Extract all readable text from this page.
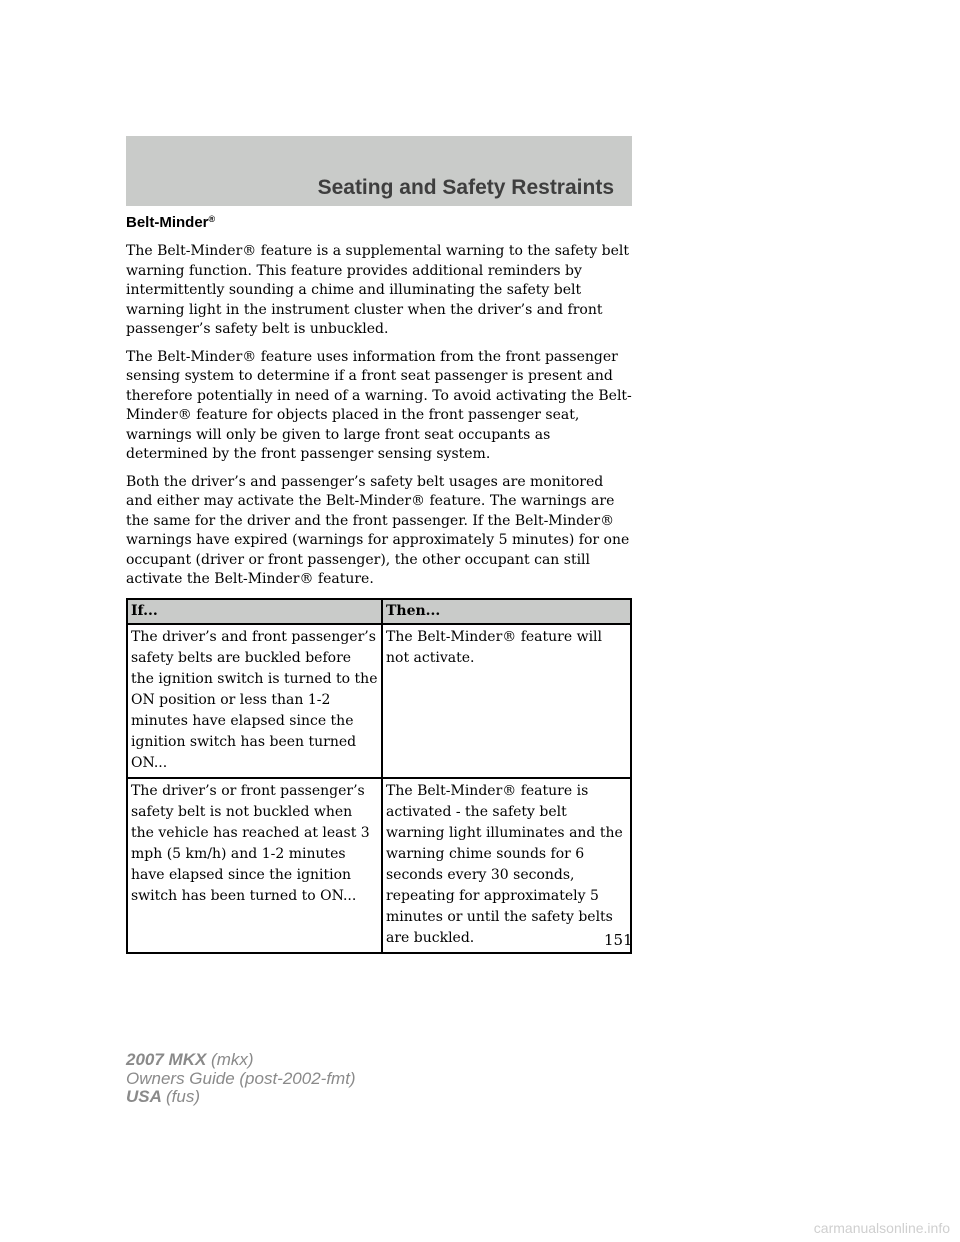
Seating and Safety Restraints
Belt-Minder®

The Belt-Minder® feature is a supplemental warning to the safety belt warning function. This feature provides additional reminders by intermittently sounding a chime and illuminating the safety belt warning light in the instrument cluster when the driver’s and front passenger’s safety belt is unbuckled.

The Belt-Minder® feature uses information from the front passenger sensing system to determine if a front seat passenger is present and therefore potentially in need of a warning. To avoid activating the Belt-Minder® feature for objects placed in the front passenger seat, warnings will only be given to large front seat occupants as determined by the front passenger sensing system.

Both the driver’s and passenger’s safety belt usages are monitored and either may activate the Belt-Minder® feature. The warnings are the same for the driver and the front passenger. If the Belt-Minder® warnings have expired (warnings for approximately 5 minutes) for one occupant (driver or front passenger), the other occupant can still activate the Belt-Minder® feature.

If...	Then...
The driver’s and front passenger’s safety belts are buckled before the ignition switch is turned to the ON position or less than 1-2 minutes have elapsed since the ignition switch has been turned ON...	The Belt-Minder® feature will not activate.
The driver’s or front passenger’s safety belt is not buckled when the vehicle has reached at least 3 mph (5 km/h) and 1-2 minutes have elapsed since the ignition switch has been turned to ON...	The Belt-Minder® feature is activated - the safety belt warning light illuminates and the warning chime sounds for 6 seconds every 30 seconds, repeating for approximately 5 minutes or until the safety belts are buckled.	151
2007 MKX (mkx)
Owners Guide (post-2002-fmt)
USA (fus)
carmanualsonline.info
